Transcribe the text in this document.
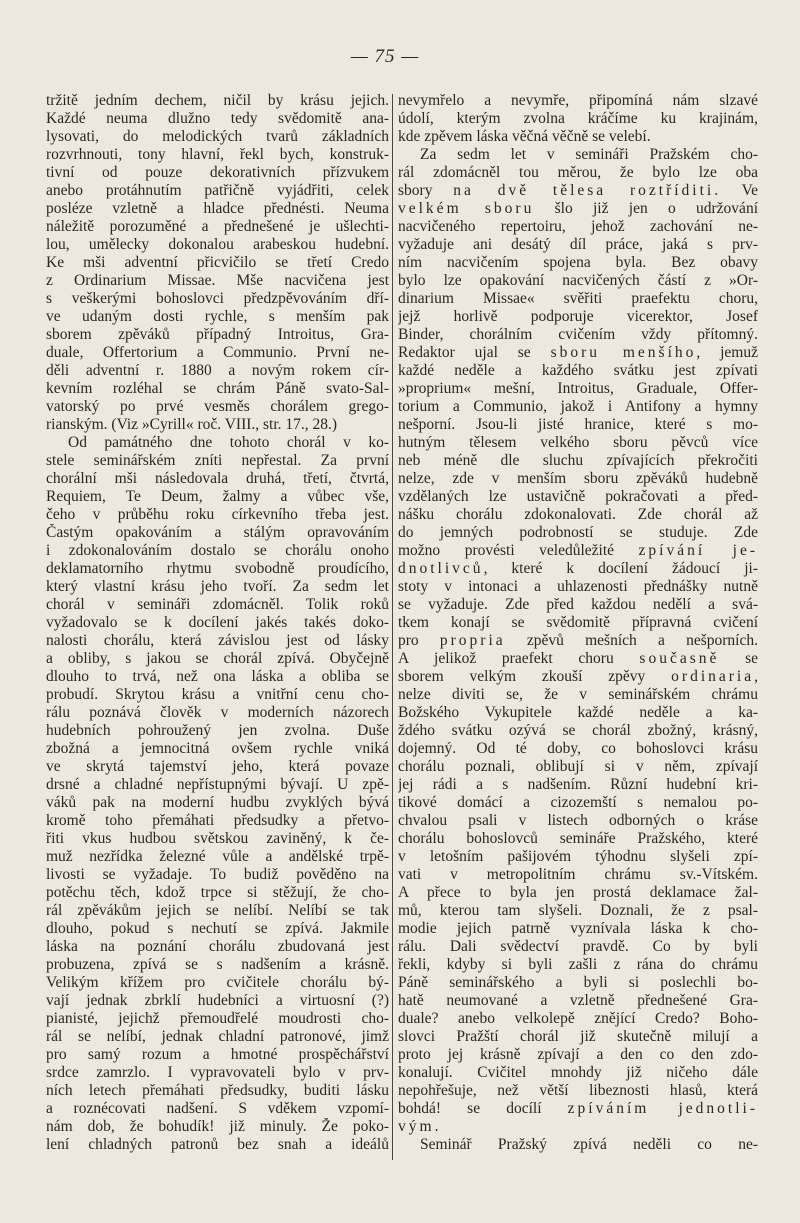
— 75 —
tržitě jedním dechem, ničil by krásu jejich.
Každé neuma dlužno tedy svědomitě ana-
lysovati, do melodických tvarů základních
rozvrhnouti, tony hlavní, řekl bych, konstruk-
tivní od pouze dekorativních přízvukem
anebo protáhnutím patřičně vyjádřiti, celek
posléze vzletně a hladce přednésti. Neuma
náležitě porozuměné a přednešené je ušlechti-
lou, umělecky dokonalou arabeskou hudební.
Ke mši adventní přicvičilo se třetí Credo
z Ordinarium Missae. Mše nacvičena jest
s veškerými bohoslovci předzpěvováním dří-
ve udaným dosti rychle, s menším pak
sborem zpěváků případný Introitus, Gra-
duale, Offertorium a Communio. První ne-
děli adventní r. 1880 a novým rokem cír-
kevním rozléhal se chrám Páně svato-Sal-
vatorský po prvé vesměs chorálem grego-
rianským. (Viz »Cyrill« roč. VIII., str. 17., 28.)
Od památného dne tohoto chorál v ko-
stele seminářském zníti nepřestal. Za první
chorální mši následovala druhá, třetí, čtvrtá,
Requiem, Te Deum, žalmy a vůbec vše,
čeho v průběhu roku církevního třeba jest.
Častým opakováním a stálým opravováním
i zdokonalováním dostalo se chorálu onoho
deklamatorního rhytmu svobodně proudícího,
který vlastní krásu jeho tvoří. Za sedm let
chorál v semináři zdomácněl. Tolik roků
vyžadovalo se k docílení jakés takés doko-
nalosti chorálu, která závislou jest od lásky
a obliby, s jakou se chorál zpívá. Obyčejně
dlouho to trvá, než ona láska a obliba se
probudí. Skrytou krásu a vnitřní cenu cho-
rálu poznává člověk v moderních názorech
hudebních pohroužený jen zvolna. Duše
zbožná a jemnocitná ovšem rychle vniká
ve skrytá tajemství jeho, která povaze
drsné a chladné nepřístupnými bývají. U zpě-
váků pak na moderní hudbu zvyklých bývá
kromě toho přemáhati předsudky a přetvo-
řiti vkus hudbou světskou zaviněný, k če-
muž nezřídka železné vůle a andělské trpě-
livosti se vyžadaje. To budiž pověděno na
potěchu těch, kdož trpce si stěžují, že cho-
rál zpěvákům jejich se nelíbí. Nelíbí se tak
dlouho, pokud s nechutí se zpívá. Jakmile
láska na poznání chorálu zbudovaná jest
probuzena, zpívá se s nadšením a krásně.
Velikým křížem pro cvičitele chorálu bý-
vají jednak zbrklí hudebníci a virtuosní (?)
pianisté, jejichž přemoudřelé moudrosti cho-
rál se nelíbí, jednak chladní patronové, jimž
pro samý rozum a hmotné prospěchářství
srdce zamrzlo. I vypravovateli bylo v prv-
ních letech přemáhati předsudky, buditi lásku
a roznécovati nadšení. S vděkem vzpomí-
nám dob, že bohudík! již minuly. Že poko-
lení chladných patronů bez snah a ideálů
nevymřelo a nevymře, připomíná nám slzavé
údolí, kterým zvolna kráčíme ku krajinám,
kde zpěvem láska věčná věčně se velebí.
Za sedm let v semináři Pražském cho-
rál zdomácněl tou měrou, že bylo lze oba
sbory na dvě tělesa roztříditi. Ve
velkém sboru šlo již jen o udržování
nacvičeného repertoiru, jehož zachování ne-
vyžaduje ani desátý díl práce, jaká s prv-
ním nacvičením spojena byla. Bez obavy
bylo lze opakování nacvičených částí z »Or-
dinarium Missae« svěřiti praefektu choru,
jejž horlivě podporuje vicerektor, Josef
Binder, chorálním cvičením vždy přítomný.
Redaktor ujal se sboru menšího, jemuž
každé neděle a každého svátku jest zpívati
»proprium« mešní, Introitus, Graduale, Offer-
torium a Communio, jakož i Antifony a hymny
nešporní. Jsou-li jisté hranice, které s mo-
hutným tělesem velkého sboru pěvců více
neb méně dle sluchu zpívajících překročiti
nelze, zde v menším sboru zpěváků hudebně
vzdělaných lze ustavičně pokračovati a před-
nášku chorálu zdokonalovati. Zde chorál až
do jemných podrobností se studuje. Zde
možno provésti veledůležité zpívání je-
dnotlivců, které k docílení žádoucí ji-
stoty v intonaci a uhlazenosti přednášky nutně
se vyžaduje. Zde před každou nedělí a svá-
tkem konají se svědomitě přípravná cvičení
pro propria zpěvů mešních a nešporních.
A jelikož praefekt choru současně se
sborem velkým zkouší zpěvy ordinaria,
nelze diviti se, že v seminářském chrámu
Božského Vykupitele každé neděle a ka-
ždého svátku ozývá se chorál zbožný, krásný,
dojemný. Od té doby, co bohoslovci krásu
chorálu poznali, oblibují si v něm, zpívají
jej rádi a s nadšením. Různí hudební kri-
tikové domácí a cizozemští s nemalou po-
chvalou psali v listech odborných o kráse
chorálu bohoslovců semináře Pražského, které
v letošním pašijovém týhodnu slyšeli zpí-
vati v metropolitním chrámu sv.-Vítském.
A přece to byla jen prostá deklamace žal-
mů, kterou tam slyšeli. Doznali, že z psal-
modie jejich patrně vyznívala láska k cho-
rálu. Dali svědectví pravdě. Co by byli
řekli, kdyby si byli zašli z rána do chrámu
Páně seminářského a byli si poslechli bo-
hatě neumované a vzletně přednešené Gra-
duale? anebo velkolepě znějící Credo? Boho-
slovci Pražští chorál již skutečně milují a
proto jej krásně zpívají a den co den zdo-
konalují. Cvičitel mnohdy již ničeho dále
nepohřešuje, než větší libeznosti hlasů, která
bohdá! se docílí zpíváním jednotli-
vým.
Seminář Pražský zpívá neděli co ne-
